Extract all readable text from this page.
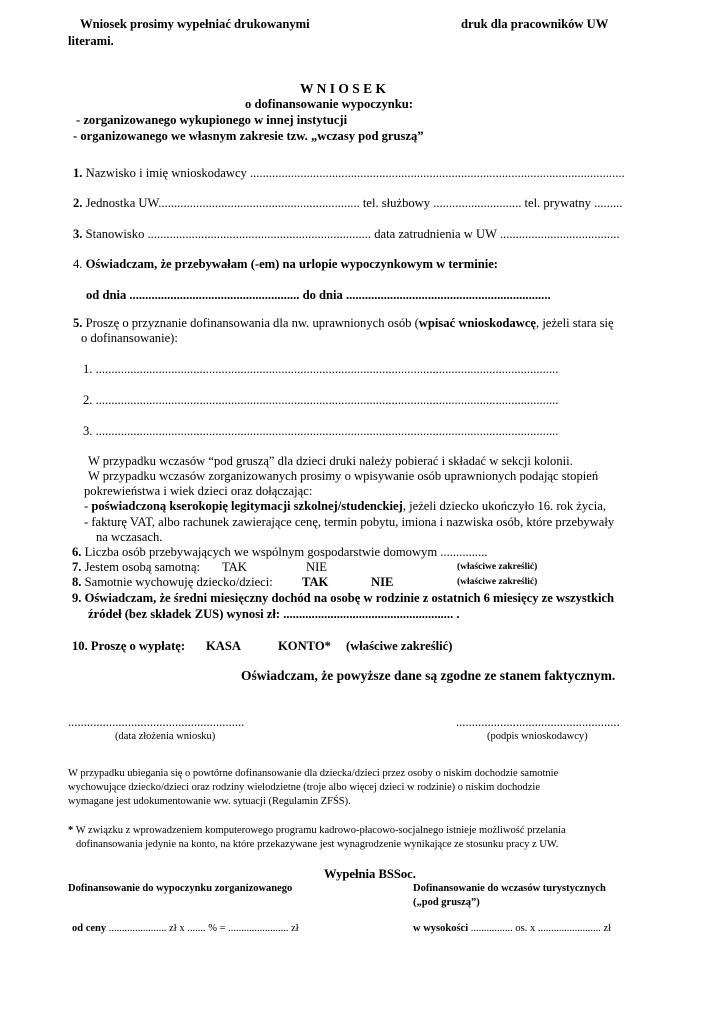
Wniosek prosimy wypełniać drukowanymi
literami.
druk dla pracowników UW
W N I O S E K
o dofinansowanie wypoczynku:
- zorganizowanego wykupionego w innej instytucji
- organizowanego we własnym zakresie tzw. „wczasy pod gruszą”
1. Nazwisko i imię wnioskodawcy .......................................................................................................................
2. Jednostka UW................................................................ tel. służbowy ............................ tel. prywatny .........
3. Stanowisko ....................................................................... data zatrudnienia w UW ......................................
4. Oświadczam, że przebywałam (-em) na urlopie wypoczynkowym w terminie:
od dnia ...................................................... do dnia .................................................................
5. Proszę o przyznanie dofinansowania dla nw. uprawnionych osób (wpisać wnioskodawcę, jeżeli stara się
o dofinansowanie):
1. ...................................................................................................................................................
2. ...................................................................................................................................................
3. ...................................................................................................................................................
W przypadku wczasów “pod gruszą” dla dzieci druki należy pobierać i składać w sekcji kolonii.
W przypadku wczasów zorganizowanych prosimy o wpisywanie osób uprawnionych podając stopień
pokrewieństwa i wiek dzieci oraz dołączając:
- poświadczoną ksero​kopię legitymacji szkolnej/studenckiej, jeżeli dziecko ukończyło 16. rok życia,
- fakturę VAT, albo rachunek zawierające cenę, termin pobytu, imiona i nazwiska osób, które przebywały
na wczasach.
6. Liczba osób przebywających we wspólnym gospodarstwie domowym ...............
7. Jestem osobą samotną: TAK	NIE	(właściwe zakreślić)
8. Samotnie wychowuję dziecko/dzieci: TAK	NIE	(właściwe zakreślić)
9. Oświadczam, że średni miesięczny dochód na osobę w rodzinie z ostatnich 6 miesięcy ze wszystkich
źródeł (bez składek ZUS) wynosi zł: ...................................................... .
10. Proszę o wypłatę: KASA	KONTO* (właściwe zakreślić)
Oświadczam, że powyższe dane są zgodne ze stanem faktycznym.
........................................................
(data złożenia wniosku)
....................................................
(podpis wnioskodawcy)
W przypadku ubiegania się o powtórne dofinansowanie dla dziecka/dzieci przez osoby o niskim dochodzie samotnie
wychowujące dziecko/dzieci oraz rodziny wielodzietne (troje albo więcej dzieci w rodzinie) o niskim dochodzie
wymagane jest udokumentowanie ww. sytuacji (Regulamin ZFŚS).
* W związku z wprowadzeniem komputerowego programu kadrowo-płacowo-socjalnego istnieje możliwość przelania
dofinansowania jedynie na konto, na które przekazywane jest wynagrodzenie wynikające ze stosunku pracy z UW.
Wypełnia BSSoc.
Dofinansowanie do wypoczynku zorganizowanego	Dofinansowanie do wczasów turystycznych
(„pod gruszą”)
od ceny ...................... zł x ....... % = ....................... zł	w wysokości ................ os. x ........................ zł
